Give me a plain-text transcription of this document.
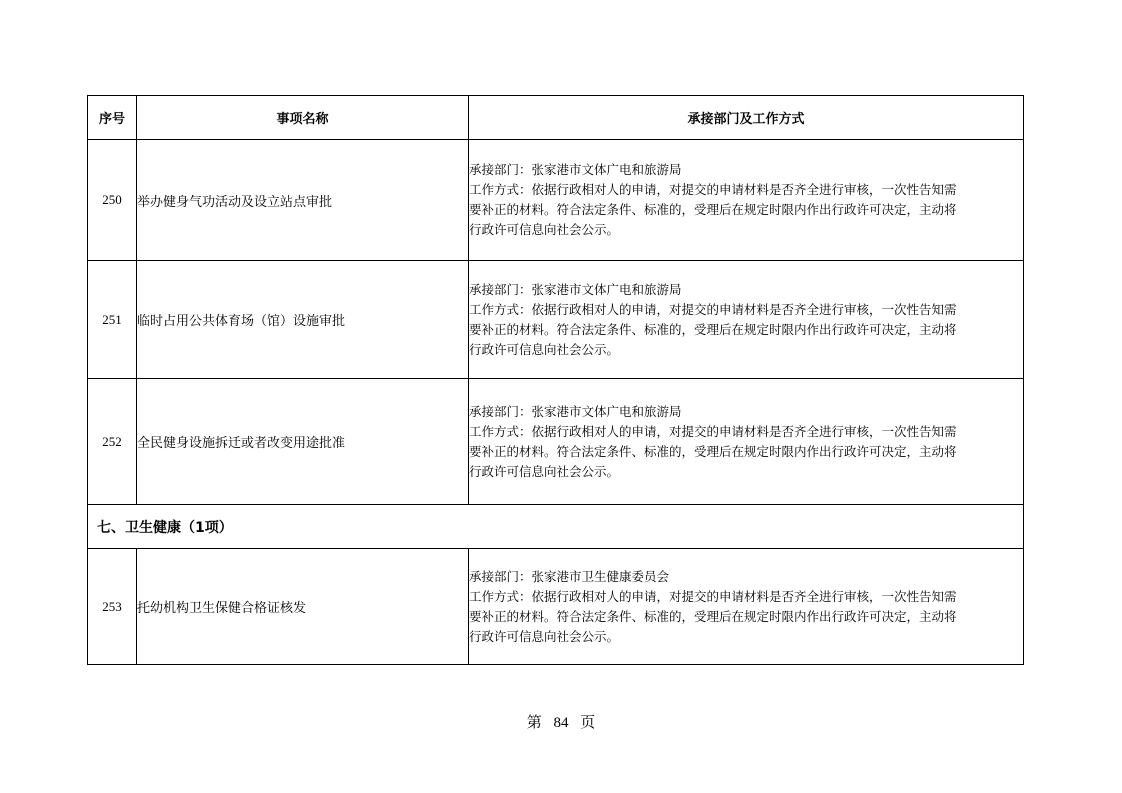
序号	事项名称	承接部门及工作方式
250	举办健身气功活动及设立站点审批	承接部门：张家港市文体广电和旅游局
工作方式：依据行政相对人的申请，对提交的申请材料是否齐全进行审核，一次性告知需
要补正的材料。符合法定条件、标准的，受理后在规定时限内作出行政许可决定，主动将
行政许可信息向社会公示。

251	临时占用公共体育场（馆）设施审批	承接部门：张家港市文体广电和旅游局
工作方式：依据行政相对人的申请，对提交的申请材料是否齐全进行审核，一次性告知需
要补正的材料。符合法定条件、标准的，受理后在规定时限内作出行政许可决定，主动将
行政许可信息向社会公示。

252	全民健身设施拆迁或者改变用途批准	承接部门：张家港市文体广电和旅游局
工作方式：依据行政相对人的申请，对提交的申请材料是否齐全进行审核，一次性告知需
要补正的材料。符合法定条件、标准的，受理后在规定时限内作出行政许可决定，主动将
行政许可信息向社会公示。

七、卫生健康（1项）		
253	托幼机构卫生保健合格证核发	承接部门：张家港市卫生健康委员会
工作方式：依据行政相对人的申请，对提交的申请材料是否齐全进行审核，一次性告知需
要补正的材料。符合法定条件、标准的，受理后在规定时限内作出行政许可决定，主动将
行政许可信息向社会公示。
第 84 页
